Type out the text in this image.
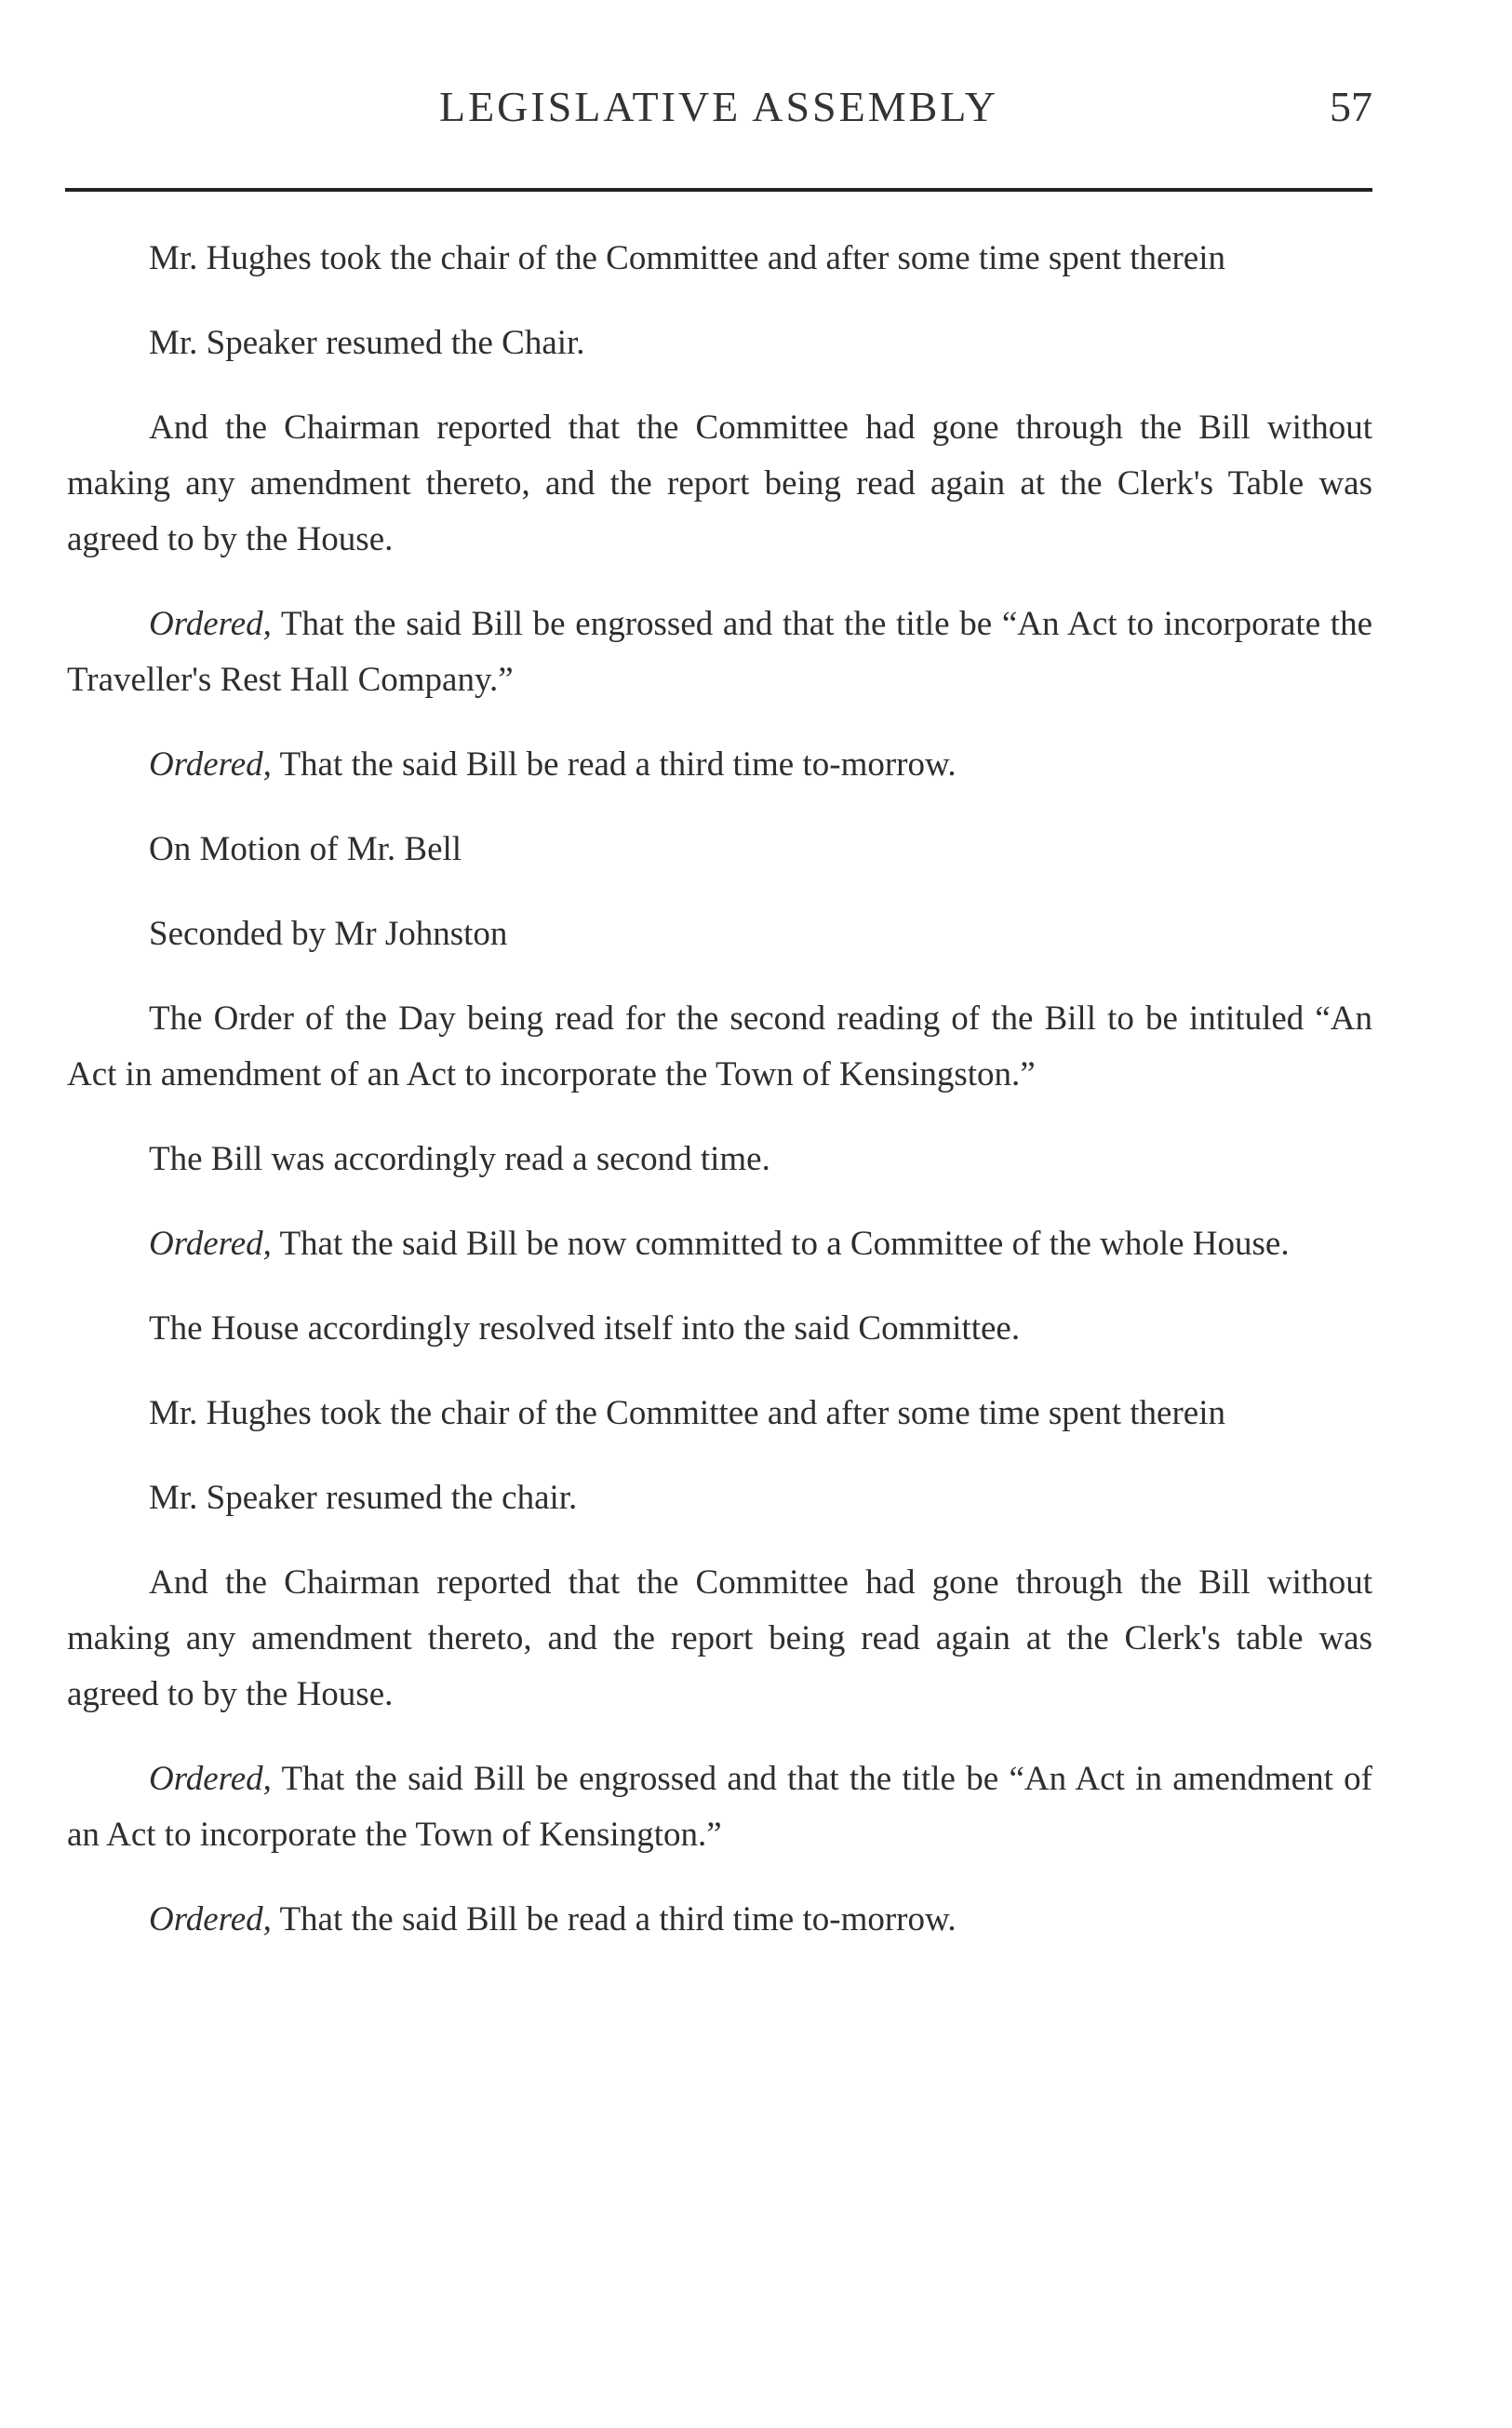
LEGISLATIVE ASSEMBLY	57

Mr. Hughes took the chair of the Committee and after some time spent therein

Mr. Speaker resumed the Chair.

And the Chairman reported that the Committee had gone through the Bill without making any amendment thereto, and the report being read again at the Clerk's Table was agreed to by the House.

Ordered, That the said Bill be engrossed and that the title be “An Act to incorporate the Traveller's Rest Hall Company.”

Ordered, That the said Bill be read a third time to-morrow.

On Motion of Mr. Bell

Seconded by Mr Johnston

The Order of the Day being read for the second reading of the Bill to be intituled “An Act in amendment of an Act to incorporate the Town of Kensingston.”

The Bill was accordingly read a second time.

Ordered, That the said Bill be now committed to a Committee of the whole House.

The House accordingly resolved itself into the said Committee.

Mr. Hughes took the chair of the Committee and after some time spent therein

Mr. Speaker resumed the chair.

And the Chairman reported that the Committee had gone through the Bill without making any amendment thereto, and the report being read again at the Clerk's table was agreed to by the House.

Ordered, That the said Bill be engrossed and that the title be “An Act in amendment of an Act to incorporate the Town of Kensington.”

Ordered, That the said Bill be read a third time to-morrow.
